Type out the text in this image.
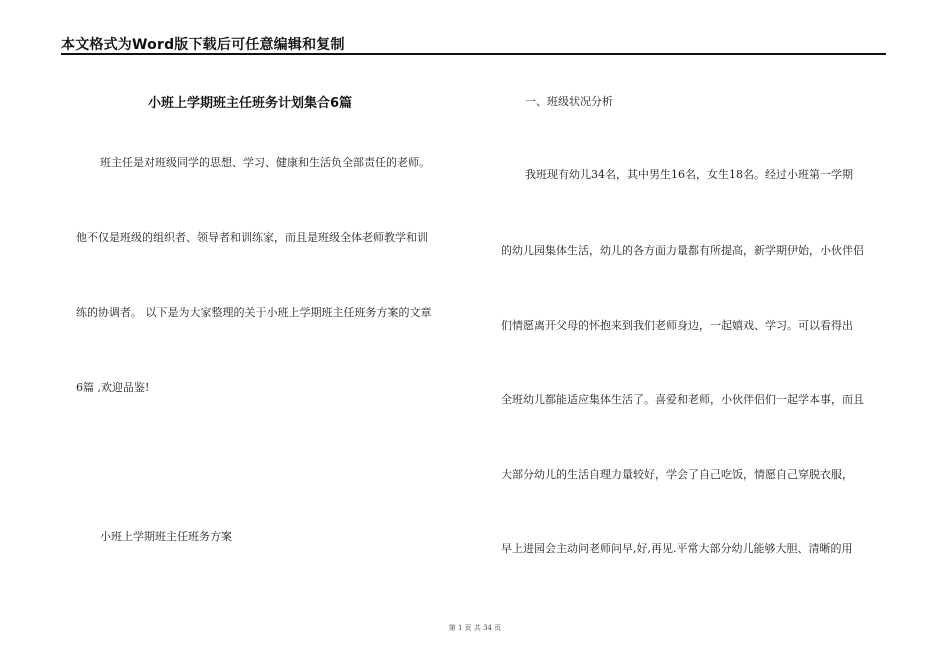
本文格式为Word版下载后可任意编辑和复制
小班上学期班主任班务计划集合6篇
班主任是对班级同学的思想、学习、健康和生活负全部责任的老师。
他不仅是班级的组织者、领导者和训练家，而且是班级全体老师教学和训
练的协调者。 以下是为大家整理的关于小班上学期班主任班务方案的文章
6篇 ,欢迎品鉴!
小班上学期班主任班务方案
一、班级状况分析
我班现有幼儿34名，其中男生16名，女生18名。经过小班第一学期
的幼儿园集体生活，幼儿的各方面力量都有所提高，新学期伊始，小伙伴侣
们情愿离开父母的怀抱来到我们老师身边，一起嬉戏、学习。可以看得出
全班幼儿都能适应集体生活了。喜爱和老师，小伙伴侣们一起学本事，而且
大部分幼儿的生活自理力量较好，学会了自己吃饭，情愿自己穿脱衣服，
早上进园会主动问老师问早,好,再见.平常大部分幼儿能够大胆、清晰的用
第 1 页 共 34 页
